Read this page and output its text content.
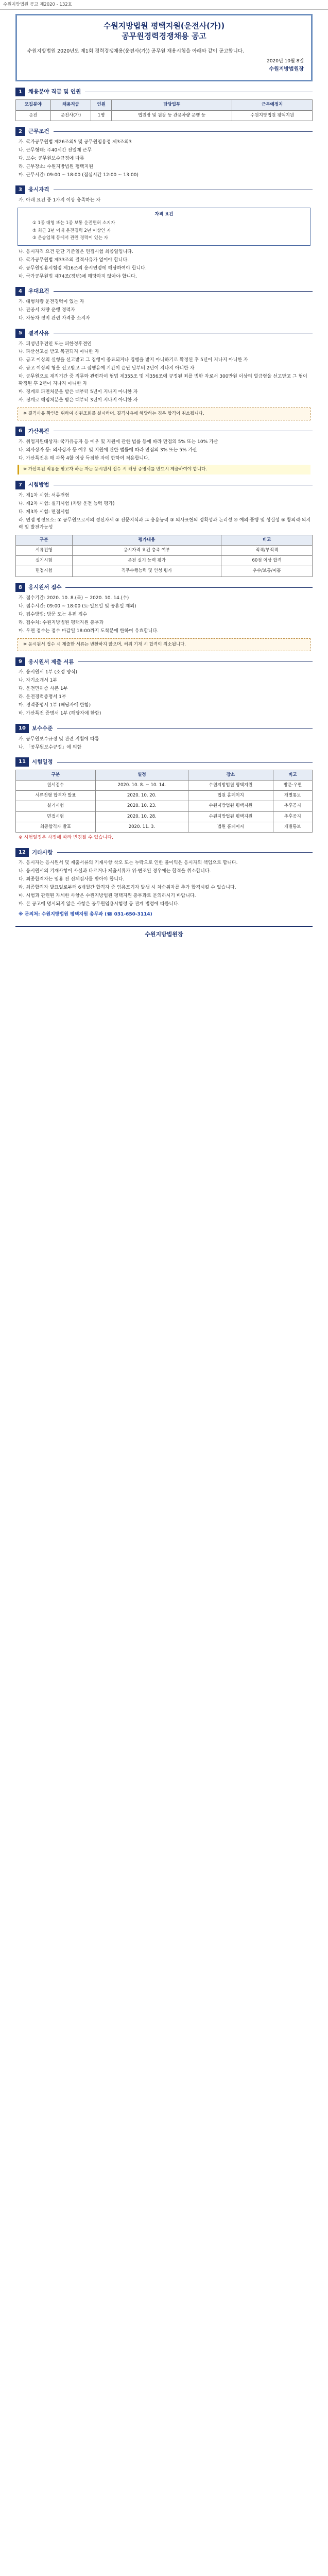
수원지방법원 공고 제2020 - 132호
수원지방법원 평택지원(운전사(가))
공무원경력경쟁채용 공고
수원지방법원 2020년도 제1회 경력경쟁채용(운전사(가)) 공무원 채용시험을 아래와 같이 공고합니다.
2020년 10월 8일
수원지방법원장
1	채용분야 직급 및 인원
모집분야	채용직급	인원	담당업무	근무예정지
운전	운전사(가)	1명	법원장 및 원장 등 관용차량 운행 등	수원지방법원 평택지원
2	근무조건
가. 국가공무원법 제26조의5 및 공무원임용령 제3조의3
나. 근무형태: 주40시간 전일제 근무
다. 보수: 공무원보수규정에 따름
라. 근무장소: 수원지방법원 평택지원
마. 근무시간: 09:00 ~ 18:00 (점심시간 12:00 ~ 13:00)
3	응시자격
가. 아래 요건 중 1가지 이상 충족하는 자
자격 요건
① 1종 대형 또는 1종 보통 운전면허 소지자
② 최근 3년 이내 운전경력 2년 이상인 자
③ 운송업체 등에서 관련 경력이 있는 자
나. 응시자격 요건 판단 기준일은 면접시험 최종일입니다.
다. 국가공무원법 제33조의 결격사유가 없어야 합니다.
라. 공무원임용시험령 제16조의 응시연령에 해당하여야 합니다.
마. 국가공무원법 제74조(정년)에 해당하지 않아야 합니다.
4	우대요건
가. 대형차량 운전경력이 있는 자
나. 관공서 차량 운행 경력자
다. 자동차 정비 관련 자격증 소지자
5	결격사유
가. 피성년후견인 또는 피한정후견인
나. 파산선고를 받고 복권되지 아니한 자
다. 금고 이상의 실형을 선고받고 그 집행이 종료되거나 집행을 받지 아니하기로 확정된 후 5년이 지나지 아니한 자
라. 금고 이상의 형을 선고받고 그 집행유예 기간이 끝난 날부터 2년이 지나지 아니한 자
마. 공무원으로 재직기간 중 직무와 관련하여 형법 제355조 및 제356조에 규정된 죄를 범한 자로서 300만원 이상의 벌금형을 선고받고 그 형이 확정된 후 2년이 지나지 아니한 자
바. 징계로 파면처분을 받은 때부터 5년이 지나지 아니한 자
사. 징계로 해임처분을 받은 때부터 3년이 지나지 아니한 자
※ 결격사유 확인을 위하여 신원조회를 실시하며, 결격사유에 해당하는 경우 합격이 취소됩니다.
6	가산특전
가. 취업지원대상자: 국가유공자 등 예우 및 지원에 관한 법률 등에 따라 만점의 5% 또는 10% 가산
나. 의사상자 등: 의사상자 등 예우 및 지원에 관한 법률에 따라 만점의 3% 또는 5% 가산
다. 가산특전은 매 과목 4할 이상 득점한 자에 한하여 적용합니다.
※ 가산특전 적용을 받고자 하는 자는 응시원서 접수 시 해당 증명서를 반드시 제출하여야 합니다.
7	시험방법
가. 제1차 시험: 서류전형
나. 제2차 시험: 실기시험 (차량 운전 능력 평가)
다. 제3차 시험: 면접시험
라. 면접 평정요소: ① 공무원으로서의 정신자세 ② 전문지식과 그 응용능력 ③ 의사표현의 정확성과 논리성 ④ 예의·품행 및 성실성 ⑤ 창의력·의지력 및 발전가능성
구분	평가내용	비고
서류전형	응시자격 요건 충족 여부	적격/부적격
실기시험	운전 실기 능력 평가	60점 이상 합격
면접시험	직무수행능력 및 인성 평가	우수/보통/미흡
8	응시원서 접수
가. 접수기간: 2020. 10. 8.(목) ~ 2020. 10. 14.(수)
나. 접수시간: 09:00 ~ 18:00 (토·일요일 및 공휴일 제외)
다. 접수방법: 방문 또는 우편 접수
라. 접수처: 수원지방법원 평택지원 총무과
마. 우편 접수는 접수 마감일 18:00까지 도착분에 한하여 유효합니다.
※ 응시원서 접수 시 제출한 서류는 반환하지 않으며, 허위 기재 시 합격이 취소됩니다.
9	응시원서 제출 서류
가. 응시원서 1부 (소정 양식)
나. 자기소개서 1부
다. 운전면허증 사본 1부
라. 운전경력증명서 1부
마. 경력증명서 1부 (해당자에 한함)
바. 가산특전 증명서 1부 (해당자에 한함)
10	보수수준
가. 공무원보수규정 및 관련 지침에 따름
나. 「공무원보수규정」에 의함
11	시험일정
구분	일정	장소	비고
원서접수	2020. 10. 8. ~ 10. 14.	수원지방법원 평택지원	방문·우편
서류전형 합격자 발표	2020. 10. 20.	법원 홈페이지	개별통보
실기시험	2020. 10. 23.	수원지방법원 평택지원	추후공지
면접시험	2020. 10. 28.	수원지방법원 평택지원	추후공지
최종합격자 발표	2020. 11. 3.	법원 홈페이지	개별통보
※ 시험일정은 사정에 따라 변경될 수 있습니다.
12	기타사항
가. 응시자는 응시원서 및 제출서류의 기재사항 착오 또는 누락으로 인한 불이익은 응시자의 책임으로 합니다.
나. 응시원서의 기재사항이 사실과 다르거나 제출서류가 위·변조된 경우에는 합격을 취소합니다.
다. 최종합격자는 임용 전 신체검사를 받아야 합니다.
라. 최종합격자 발표일로부터 6개월간 합격자 중 임용포기자 발생 시 차순위자를 추가 합격시킬 수 있습니다.
마. 시험과 관련된 자세한 사항은 수원지방법원 평택지원 총무과로 문의하시기 바랍니다.
바. 본 공고에 명시되지 않은 사항은 공무원임용시험령 등 관계 법령에 따릅니다.
※ 문의처: 수원지방법원 평택지원 총무과 (☎ 031-650-3114)
수원지방법원장
